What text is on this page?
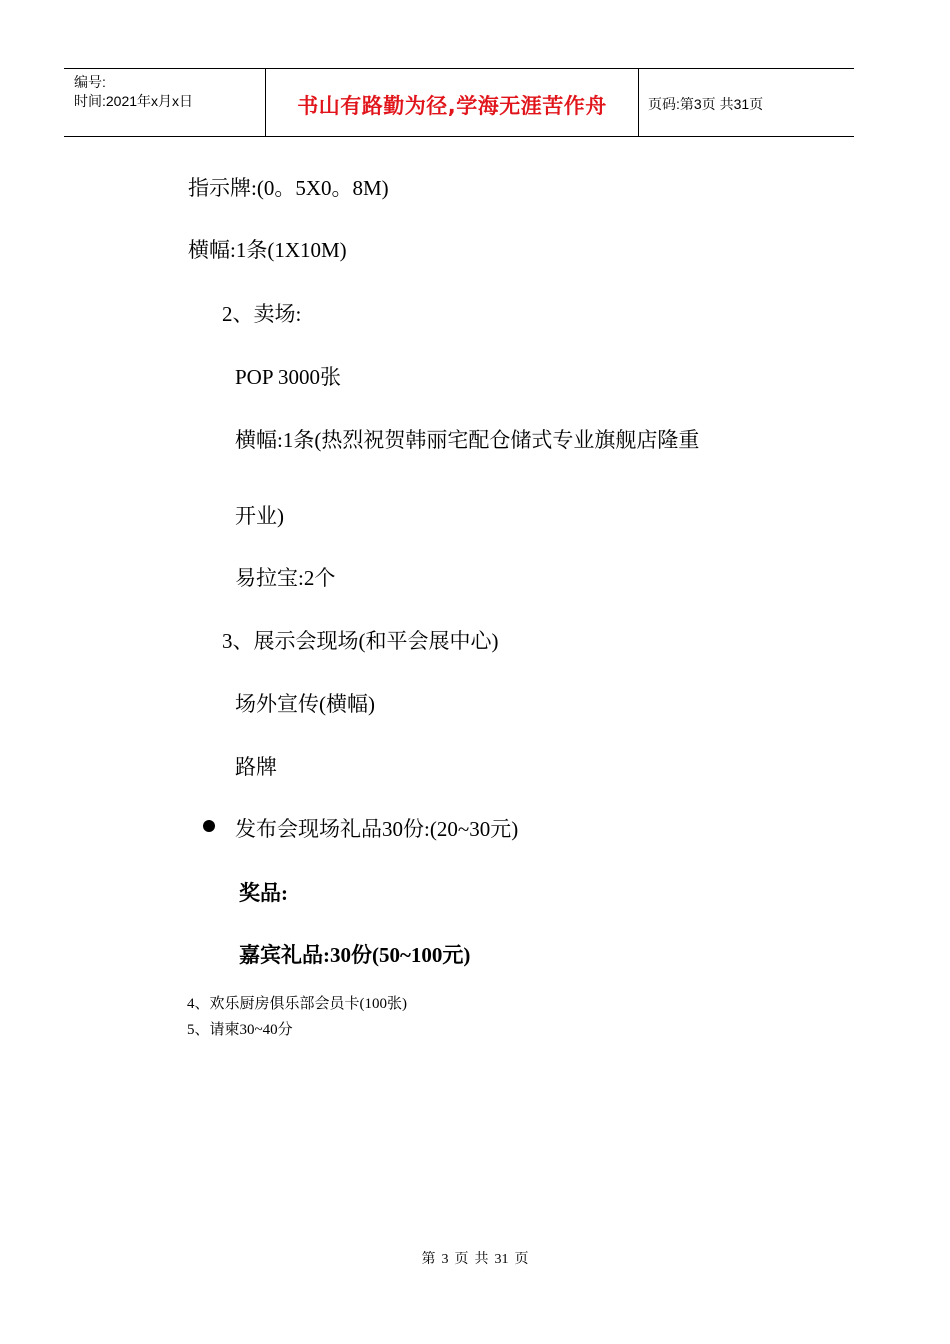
编号:
时间:2021年x月x日	书山有路勤为径,学海无涯苦作舟	页码:第3页 共31页
指示牌:(0。5X0。8M)
横幅:1条(1X10M)
2、卖场:
POP 3000张
横幅:1条(热烈祝贺韩丽宅配仓储式专业旗舰店隆重
开业)
易拉宝:2个
3、展示会现场(和平会展中心)
场外宣传(横幅)
路牌
发布会现场礼品30份:(20~30元)
奖品:
嘉宾礼品:30份(50~100元)
4、欢乐厨房俱乐部会员卡(100张)
5、请柬30~40分
第 3 页 共 31 页
